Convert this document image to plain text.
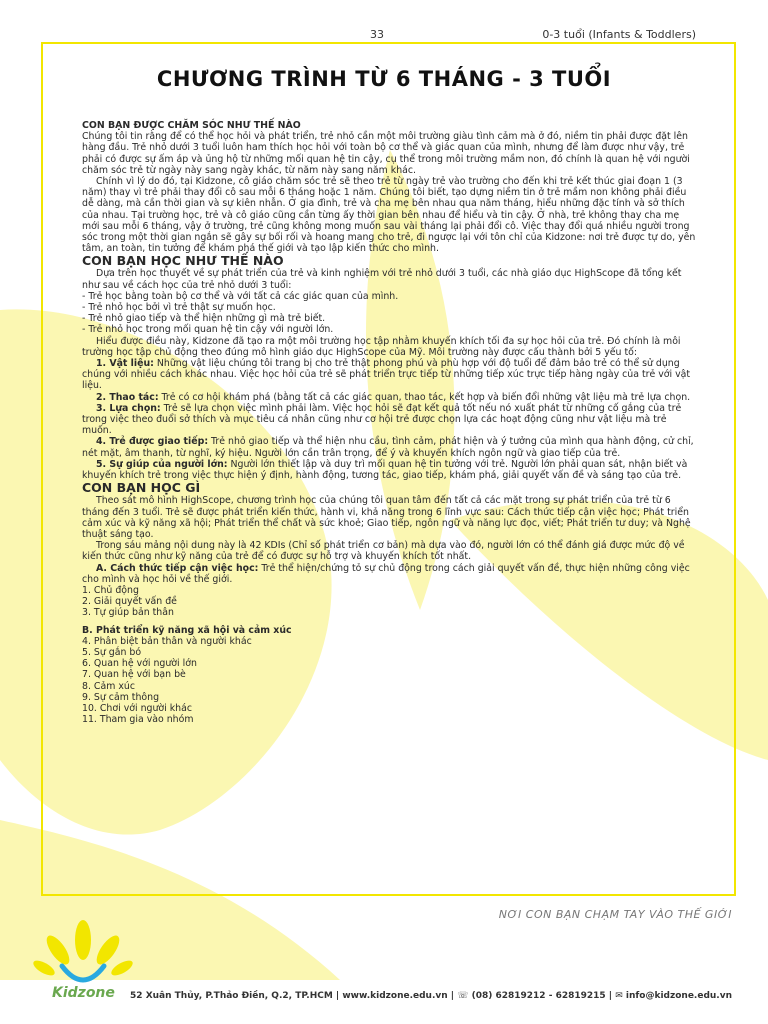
33	0-3 tuổi (Infants & Toddlers)
CHƯƠNG TRÌNH TỪ 6 THÁNG - 3 TUỔI

CON BẠN ĐƯỢC CHĂM SÓC NHƯ THẾ NÀO

Chúng tôi tin rằng để có thể học hỏi và phát triển, trẻ nhỏ cần một môi trường giàu tình cảm mà ở đó, niềm tin phải được đặt lên hàng đầu. Trẻ nhỏ dưới 3 tuổi luôn ham thích học hỏi với toàn bộ cơ thể và giác quan của mình, nhưng để làm được như vậy, trẻ phải có được sự ấm áp và ủng hộ từ những mối quan hệ tin cậy, cụ thể trong môi trường mầm non, đó chính là quan hệ với người chăm sóc trẻ từ ngày này sang ngày khác, từ năm này sang năm khác.

Chính vì lý do đó, tại Kidzone, cô giáo chăm sóc trẻ sẽ theo trẻ từ ngày trẻ vào trường cho đến khi trẻ kết thúc giai đoạn 1 (3 năm) thay vì trẻ phải thay đổi cô sau mỗi 6 tháng hoặc 1 năm. Chúng tôi biết, tạo dựng niềm tin ở trẻ mầm non không phải điều dễ dàng, mà cần thời gian và sự kiên nhẫn. Ở gia đình, trẻ và cha mẹ bên nhau qua năm tháng, hiểu những đặc tính và sở thích của nhau. Tại trường học, trẻ và cô giáo cũng cần từng ấy thời gian bên nhau để hiểu và tin cậy. Ở nhà, trẻ không thay cha mẹ mới sau mỗi 6 tháng, vậy ở trường, trẻ cũng không mong muốn sau vài tháng lại phải đổi cô. Việc thay đổi quá nhiều người trong sóc trong một thời gian ngắn sẽ gây sự bối rối và hoang mang cho trẻ, đi ngược lại với tôn chỉ của Kidzone: nơi trẻ được tự do, yên tâm, an toàn, tin tưởng để khám phá thế giới và tạo lập kiến thức cho mình.

CON BẠN HỌC NHƯ THẾ NÀO

Dựa trên học thuyết về sự phát triển của trẻ và kinh nghiệm với trẻ nhỏ dưới 3 tuổi, các nhà giáo dục HighScope đã tổng kết như sau về cách học của trẻ nhỏ dưới 3 tuổi:

- Trẻ học bằng toàn bộ cơ thể và với tất cả các giác quan của mình.

- Trẻ nhỏ học bởi vì trẻ thật sự muốn học.

- Trẻ nhỏ giao tiếp và thể hiện những gì mà trẻ biết.

- Trẻ nhỏ học trong mối quan hệ tin cậy với người lớn.

Hiểu được điều này, Kidzone đã tạo ra một môi trường học tập nhằm khuyến khích tối đa sự học hỏi của trẻ. Đó chính là môi trường học tập chủ động theo đúng mô hình giáo dục HighScope của Mỹ. Môi trường này được cấu thành bởi 5 yếu tố:

1. Vật liệu: Những vật liệu chúng tôi trang bị cho trẻ thật phong phú và phù hợp với độ tuổi để đảm bảo trẻ có thể sử dụng chúng với nhiều cách khác nhau. Việc học hỏi của trẻ sẽ phát triển trực tiếp từ những tiếp xúc trực tiếp hàng ngày của trẻ với vật liệu.

2. Thao tác: Trẻ có cơ hội khám phá (bằng tất cả các giác quan, thao tác, kết hợp và biến đổi những vật liệu mà trẻ lựa chọn.

3. Lựa chọn: Trẻ sẽ lựa chọn việc mình phải làm. Việc học hỏi sẽ đạt kết quả tốt nếu nó xuất phát từ những cố gắng của trẻ trong việc theo đuổi sở thích và mục tiêu cá nhân cũng như cơ hội trẻ được chọn lựa các hoạt động cũng như vật liệu mà trẻ muốn.

4. Trẻ được giao tiếp: Trẻ nhỏ giao tiếp và thể hiện nhu cầu, tình cảm, phát hiện và ý tưởng của mình qua hành động, cử chỉ, nét mặt, âm thanh, từ nghĩ, ký hiệu. Người lớn cần trân trọng, để ý và khuyến khích ngôn ngữ và giao tiếp của trẻ.

5. Sự giúp của người lớn: Người lớn thiết lập và duy trì mối quan hệ tin tưởng với trẻ. Người lớn phải quan sát, nhận biết và khuyến khích trẻ trong việc thực hiện ý định, hành động, tương tác, giao tiếp, khám phá, giải quyết vấn đề và sáng tạo của trẻ.

CON BẠN HỌC GÌ

Theo sát mô hình HighScope, chương trình học của chúng tôi quan tâm đến tất cả các mặt trong sự phát triển của trẻ từ 6 tháng đến 3 tuổi. Trẻ sẽ được phát triển kiến thức, hành vi, khả năng trong 6 lĩnh vực sau: Cách thức tiếp cận việc học; Phát triển cảm xúc và kỹ năng xã hội; Phát triển thể chất và sức khoẻ; Giao tiếp, ngôn ngữ và năng lực đọc, viết; Phát triển tư duy; và Nghệ thuật sáng tạo.

Trong sáu mảng nội dung này là 42 KDIs (Chỉ số phát triển cơ bản) mà dựa vào đó, người lớn có thể đánh giá được mức độ về kiến thức cũng như kỹ năng của trẻ để có được sự hỗ trợ và khuyến khích tốt nhất.

A. Cách thức tiếp cận việc học: Trẻ thể hiện/chứng tỏ sự chủ động trong cách giải quyết vấn đề, thực hiện những công việc cho mình và học hỏi về thế giới.

1. Chủ động

2. Giải quyết vấn đề

3. Tự giúp bản thân

B. Phát triển kỹ năng xã hội và cảm xúc

4. Phân biệt bản thân và người khác

5. Sự gắn bó

6. Quan hệ với người lớn

7. Quan hệ với bạn bè

8. Cảm xúc

9. Sự cảm thông

10. Chơi với người khác

11. Tham gia vào nhóm

NƠI CON BẠN CHẠM TAY VÀO THẾ GIỚI
Kidzone 52 Xuân Thủy, P.Thảo Điền, Q.2, TP.HCM | www.kidzone.edu.vn | ☏ (08) 62819212 - 62819215 | ✉ info@kidzone.edu.vn
